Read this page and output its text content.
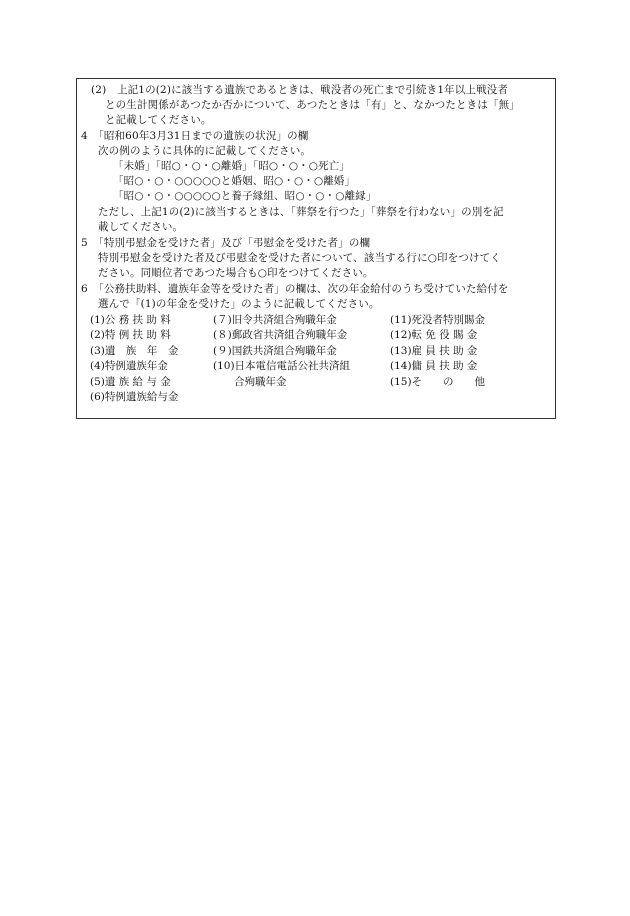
(2)　上記1の(2)に該当する遺族であるときは、戦没者の死亡まで引続き1年以上戦没者
との生計関係があつたか否かについて、あつたときは「有」と、なかつたときは「無」
と記載してください。
4　「昭和60年3月31日までの遺族の状況」の欄
次の例のように具体的に記載してください。
「未婚」「昭○・○・○離婚」「昭○・○・○死亡」
「昭○・○・○○○○○と婚姻、昭○・○・○離婚」
「昭○・○・○○○○○と養子縁組、昭○・○・○離縁」
ただし、上記1の(2)に該当するときは、「葬祭を行つた」「葬祭を行わない」の別を記
載してください。
5　「特別弔慰金を受けた者」及び「弔慰金を受けた者」の欄
特別弔慰金を受けた者及び弔慰金を受けた者について、該当する行に○印をつけてく
ださい。同順位者であつた場合も○印をつけてください。
6　「公務扶助料、遺族年金等を受けた者」の欄は、次の年金給付のうち受けていた給付を
選んで「(1)の年金を受けた」のように記載してください。
(1)公 務 扶 助 料
(2)特 例 扶 助 料
(3)遺　族　年　金
(4)特例遺族年金
(5)遺 族 給 与 金
(6)特例遺族給与金
(７)旧令共済組合殉職年金
(８)郵政省共済組合殉職年金
(９)国鉄共済組合殉職年金
(10)日本電信電話公社共済組
　　合殉職年金
(11)死没者特別賜金
(12)転 免 役 賜 金
(13)雇 員 扶 助 金
(14)傭 員 扶 助 金
(15)そ　　の　　他
